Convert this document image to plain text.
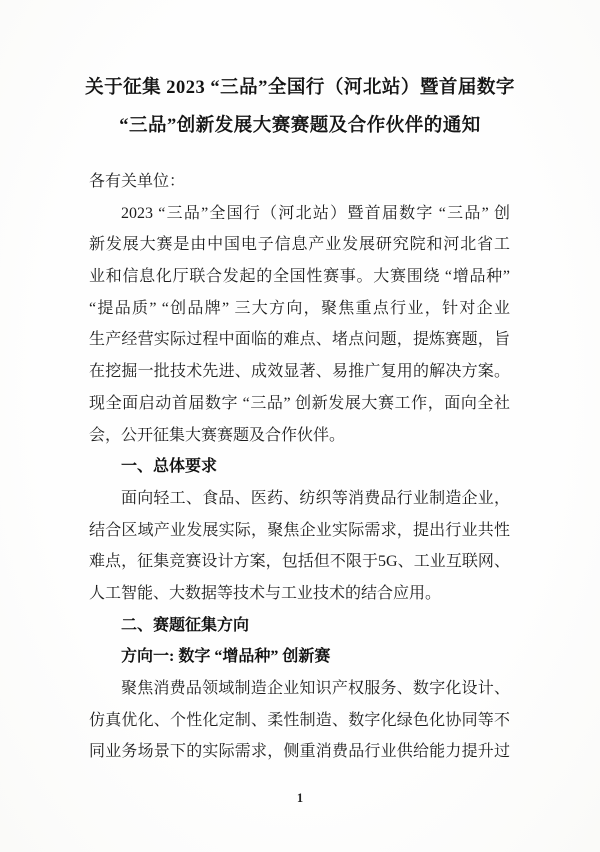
关于征集 2023 “三品”全国行（河北站）暨首届数字
“三品”创新发展大赛赛题及合作伙伴的通知
各有关单位：
2023 “三品”全国行（河北站）暨首届数字 “三品” 创
新发展大赛是由中国电子信息产业发展研究院和河北省工
业和信息化厅联合发起的全国性赛事。大赛围绕 “增品种”
“提品质” “创品牌” 三大方向，聚焦重点行业，针对企业
生产经营实际过程中面临的难点、堵点问题，提炼赛题，旨
在挖掘一批技术先进、成效显著、易推广复用的解决方案。
现全面启动首届数字 “三品” 创新发展大赛工作，面向全社
会，公开征集大赛赛题及合作伙伴。
一、总体要求
面向轻工、食品、医药、纺织等消费品行业制造企业，
结合区域产业发展实际，聚焦企业实际需求，提出行业共性
难点，征集竞赛设计方案，包括但不限于5G、工业互联网、
人工智能、大数据等技术与工业技术的结合应用。
二、赛题征集方向
方向一: 数字 “增品种” 创新赛
聚焦消费品领域制造企业知识产权服务、数字化设计、
仿真优化、个性化定制、柔性制造、数字化绿色化协同等不
同业务场景下的实际需求，侧重消费品行业供给能力提升过
1
